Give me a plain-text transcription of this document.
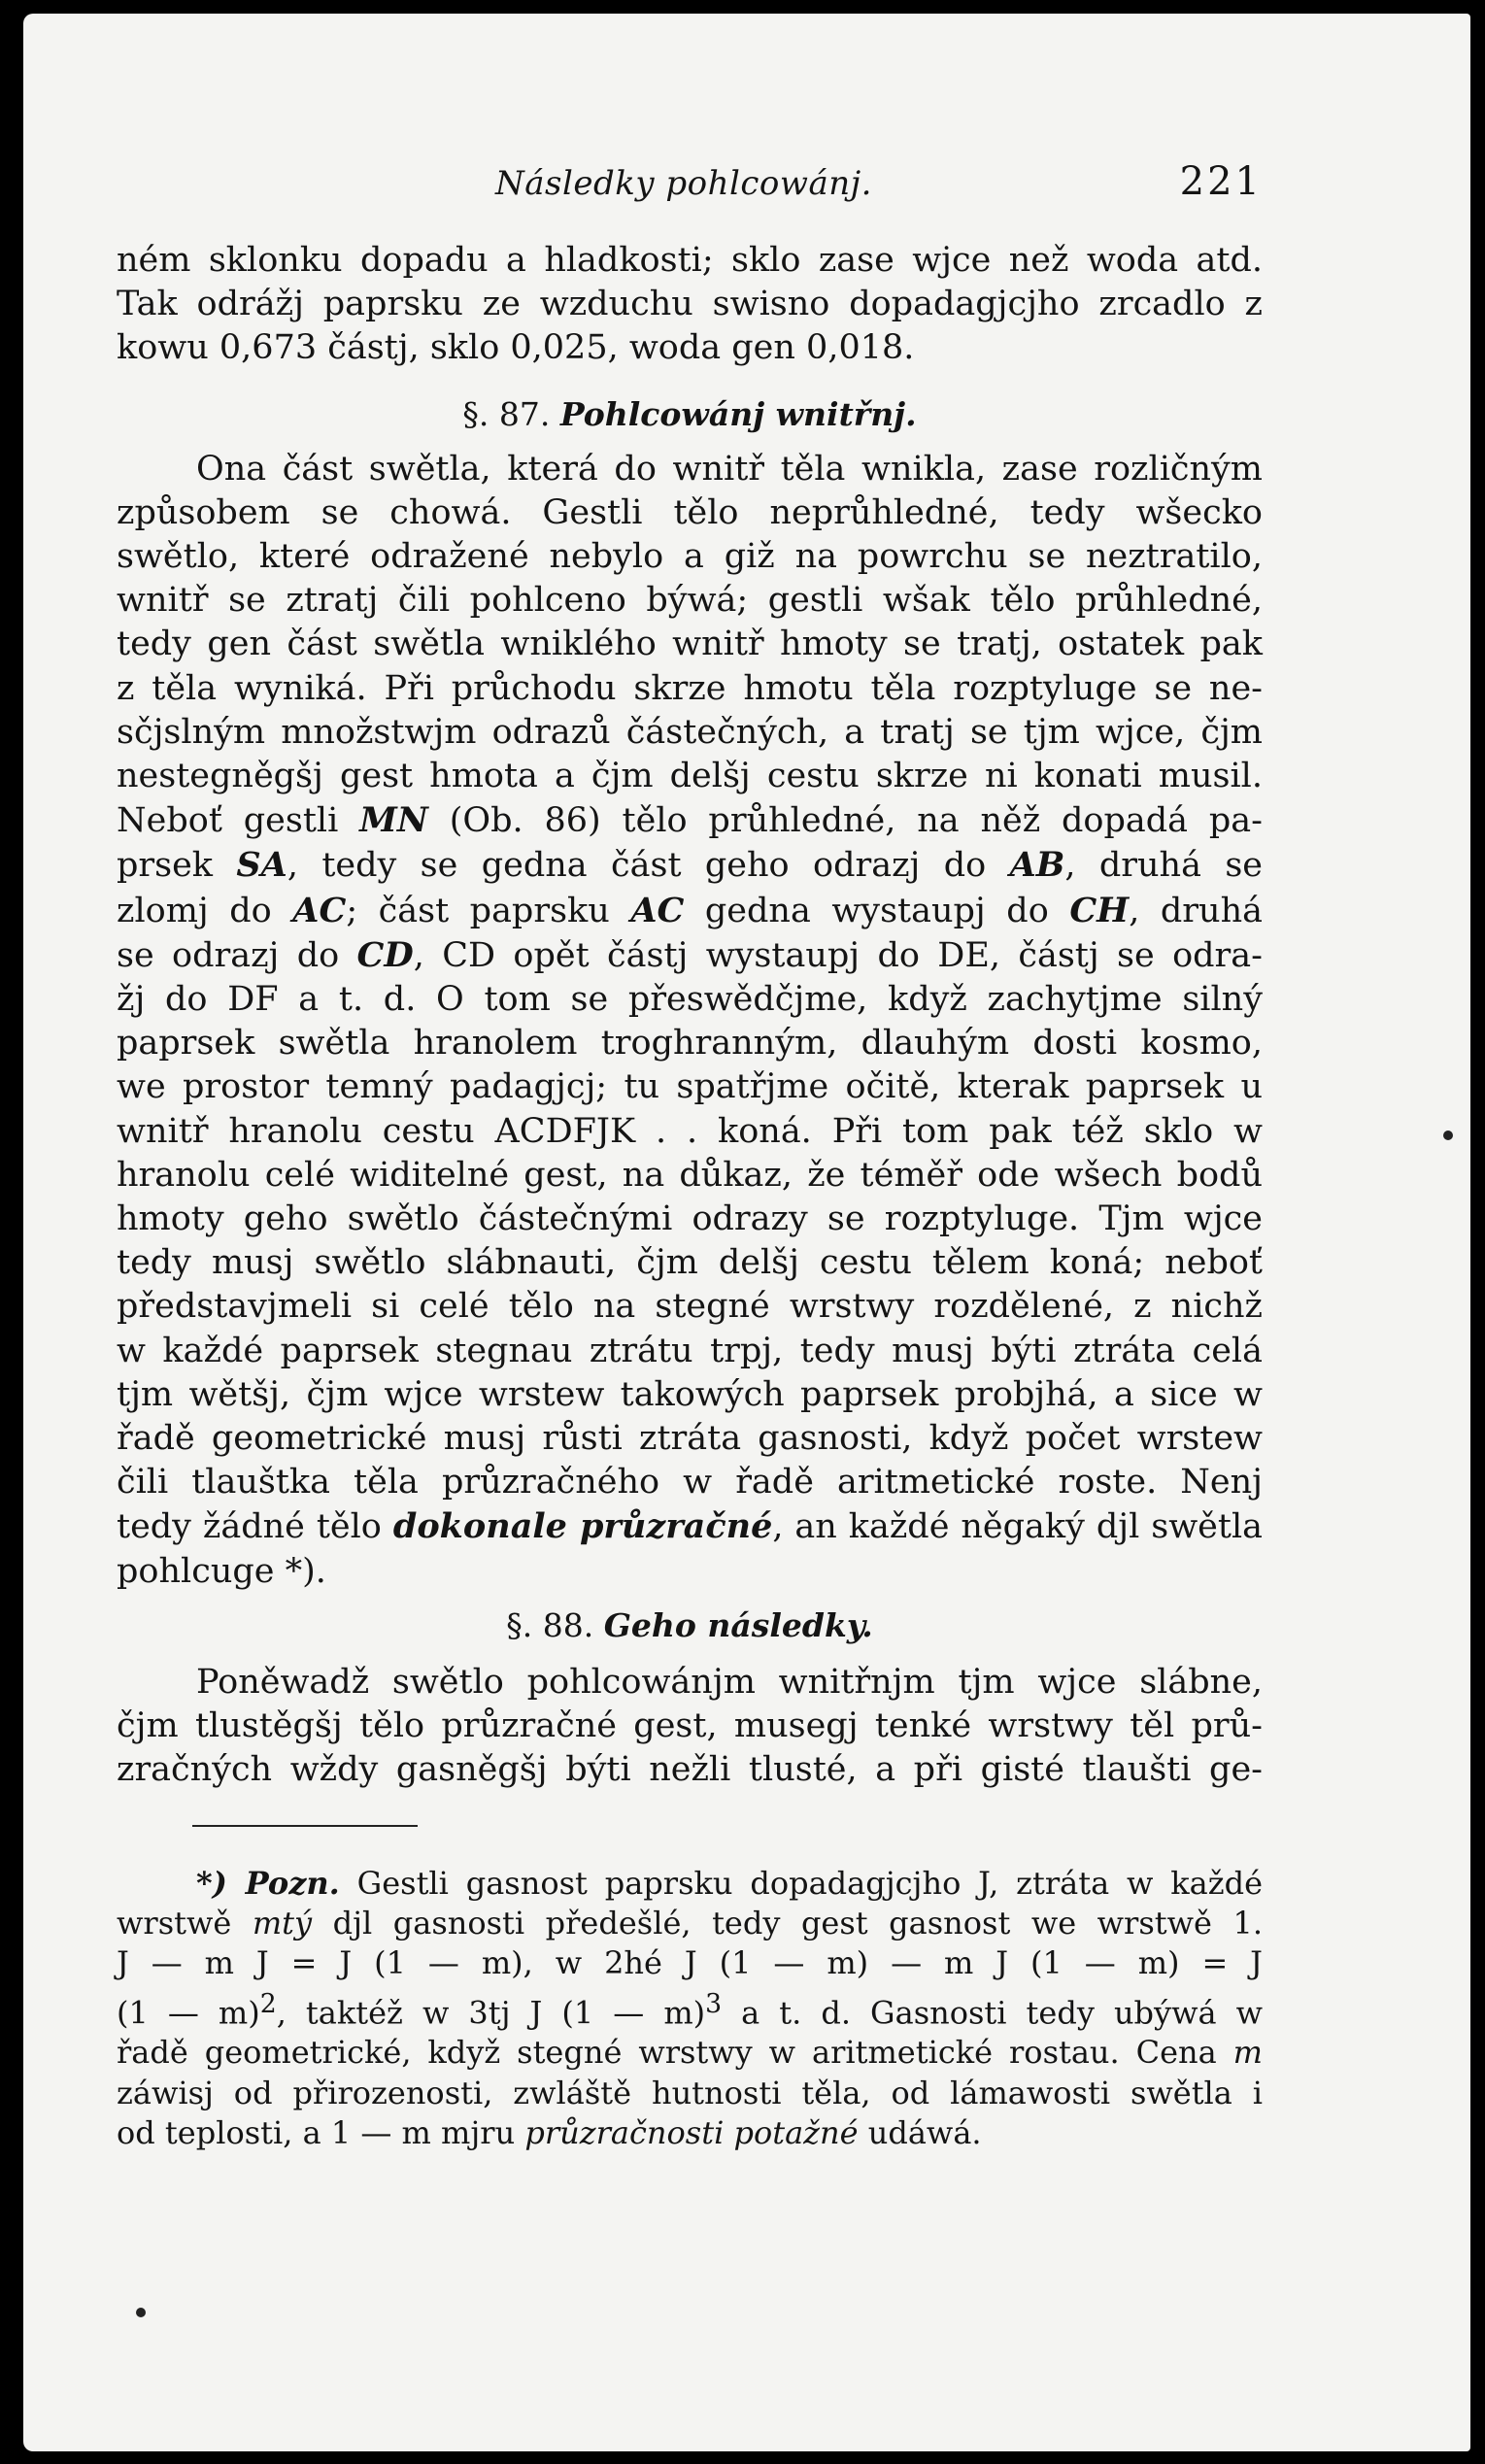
Následky pohlcowánj.	221
ném sklonku dopadu a hladkosti; sklo zase wjce než woda atd.
Tak odrážj paprsku ze wzduchu swisno dopadagjcjho zrcadlo z
kowu 0,673 částj, sklo 0,025, woda gen 0,018.
§. 87. Pohlcowánj wnitřnj.
Ona část swětla, která do wnitř těla wnikla, zase rozličným
způsobem se chowá. Gestli tělo neprůhledné, tedy wšecko
swětlo, které odražené nebylo a giž na powrchu se neztratilo,
wnitř se ztratj čili pohlceno býwá; gestli wšak tělo průhledné,
tedy gen část swětla wniklého wnitř hmoty se tratj, ostatek pak
z těla wyniká. Při průchodu skrze hmotu těla rozptyluge se ne-
sčjslným množstwjm odrazů částečných, a tratj se tjm wjce, čjm
nestegněgšj gest hmota a čjm delšj cestu skrze ni konati musil.
Neboť gestli MN (Ob. 86) tělo průhledné, na něž dopadá pa-
prsek SA, tedy se gedna část geho odrazj do AB, druhá se
zlomj do AC; část paprsku AC gedna wystaupj do CH, druhá
se odrazj do CD, CD opět částj wystaupj do DE, částj se odra-
žj do DF a t. d. O tom se přeswědčjme, když zachytjme silný
paprsek swětla hranolem troghranným, dlauhým dosti kosmo,
we prostor temný padagjcj; tu spatřjme očitě, kterak paprsek u
wnitř hranolu cestu ACDFJK . . koná. Při tom pak též sklo w
hranolu celé widitelné gest, na důkaz, že téměř ode wšech bodů
hmoty geho swětlo částečnými odrazy se rozptyluge. Tjm wjce
tedy musj swětlo slábnauti, čjm delšj cestu tělem koná; neboť
představjmeli si celé tělo na stegné wrstwy rozdělené, z nichž
w každé paprsek stegnau ztrátu trpj, tedy musj býti ztráta celá
tjm wětšj, čjm wjce wrstew takowých paprsek probjhá, a sice w
řadě geometrické musj růsti ztráta gasnosti, když počet wrstew
čili tlauštka těla průzračného w řadě aritmetické roste. Nenj
tedy žádné tělo dokonale průzračné, an každé něgaký djl swětla
pohlcuge *).
§. 88. Geho následky.
Poněwadž swětlo pohlcowánjm wnitřnjm tjm wjce slábne,
čjm tlustěgšj tělo průzračné gest, musegj tenké wrstwy těl prů-
zračných wždy gasněgšj býti nežli tlusté, a při gisté tlaušti ge-
*) Pozn. Gestli gasnost paprsku dopadagjcjho J, ztráta w každé
wrstwě mtý djl gasnosti předešlé, tedy gest gasnost we wrstwě 1.
J — m J = J (1 — m), w 2hé J (1 — m) — m J (1 — m) = J
(1 — m)$^2$, taktéž w 3tj J (1 — m)$^3$ a t. d. Gasnosti tedy ubýwá w
řadě geometrické, když stegné wrstwy w aritmetické rostau. Cena m
záwisj od přirozenosti, zwláště hutnosti těla, od lámawosti swětla i
od teplosti, a 1 — m mjru průzračnosti potažné udáwá.
